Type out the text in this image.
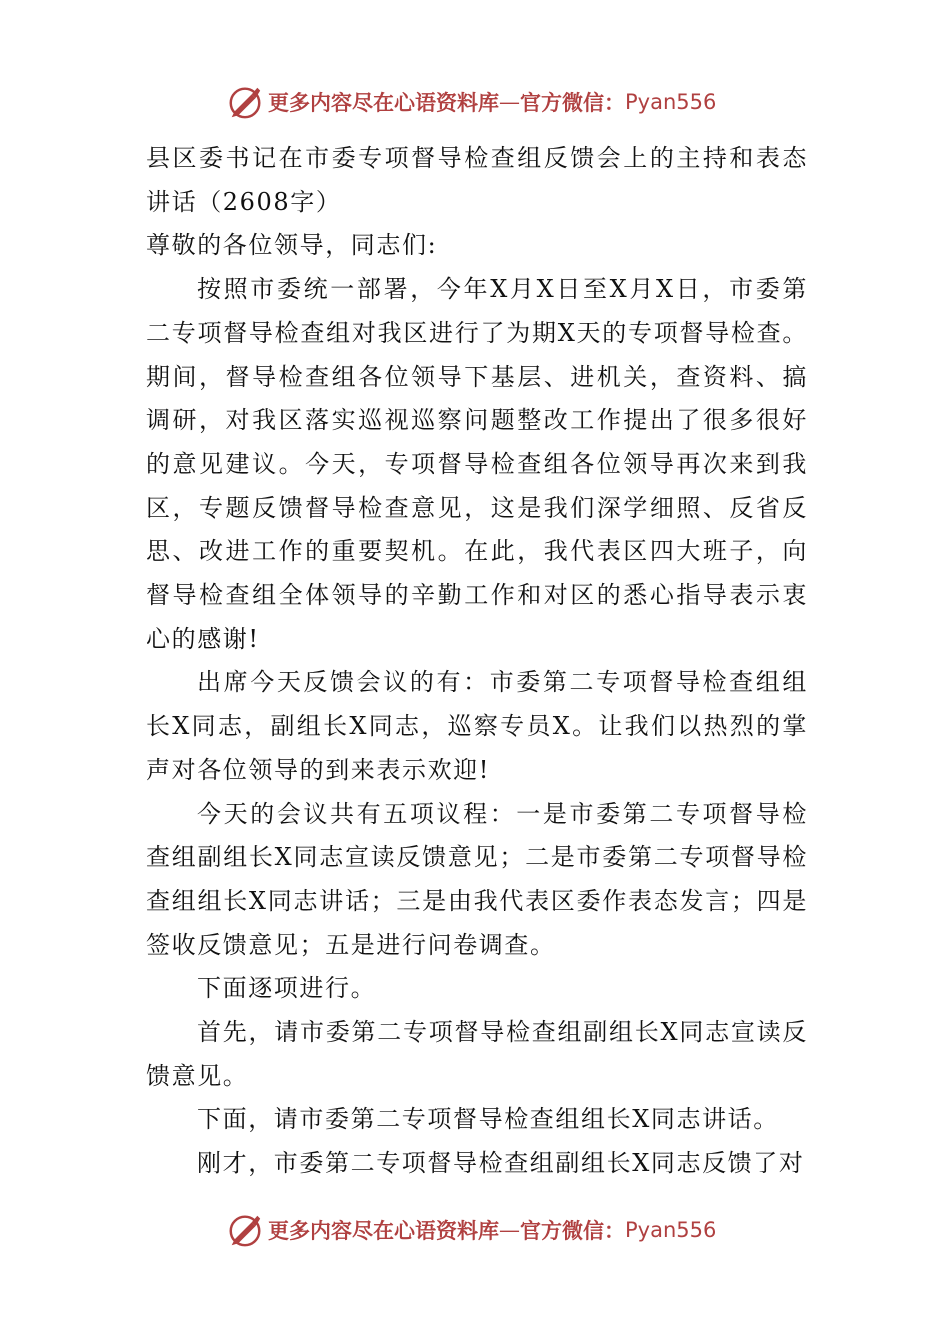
更多内容尽在心语资料库 — 官方微信： Pyan556

县区委书记在市委专项督导检查组反馈会上的主持和表态讲话（2608字）

尊敬的各位领导，同志们:

按照市委统一部署，今年X月X日至X月X日，市委第二专项督导检查组对我区进行了为期X天的专项督导检查。期间，督导检查组各位领导下基层、进机关，查资料、搞调研，对我区落实巡视巡察问题整改工作提出了很多很好的意见建议。今天，专项督导检查组各位领导再次来到我区，专题反馈督导检查意见，这是我们深学细照、反省反思、改进工作的重要契机。在此，我代表区四大班子，向督导检查组全体领导的辛勤工作和对区的悉心指导表示衷心的感谢!

出席今天反馈会议的有：市委第二专项督导检查组组长X同志，副组长X同志，巡察专员X。让我们以热烈的掌声对各位领导的到来表示欢迎!

今天的会议共有五项议程：一是市委第二专项督导检查组副组长X同志宣读反馈意见；二是市委第二专项督导检查组组长X同志讲话；三是由我代表区委作表态发言；四是签收反馈意见；五是进行问卷调查。

下面逐项进行。

首先，请市委第二专项督导检查组副组长X同志宣读反馈意见。

下面，请市委第二专项督导检查组组长X同志讲话。

刚才，市委第二专项督导检查组副组长X同志反馈了对

更多内容尽在心语资料库 — 官方微信： Pyan556
